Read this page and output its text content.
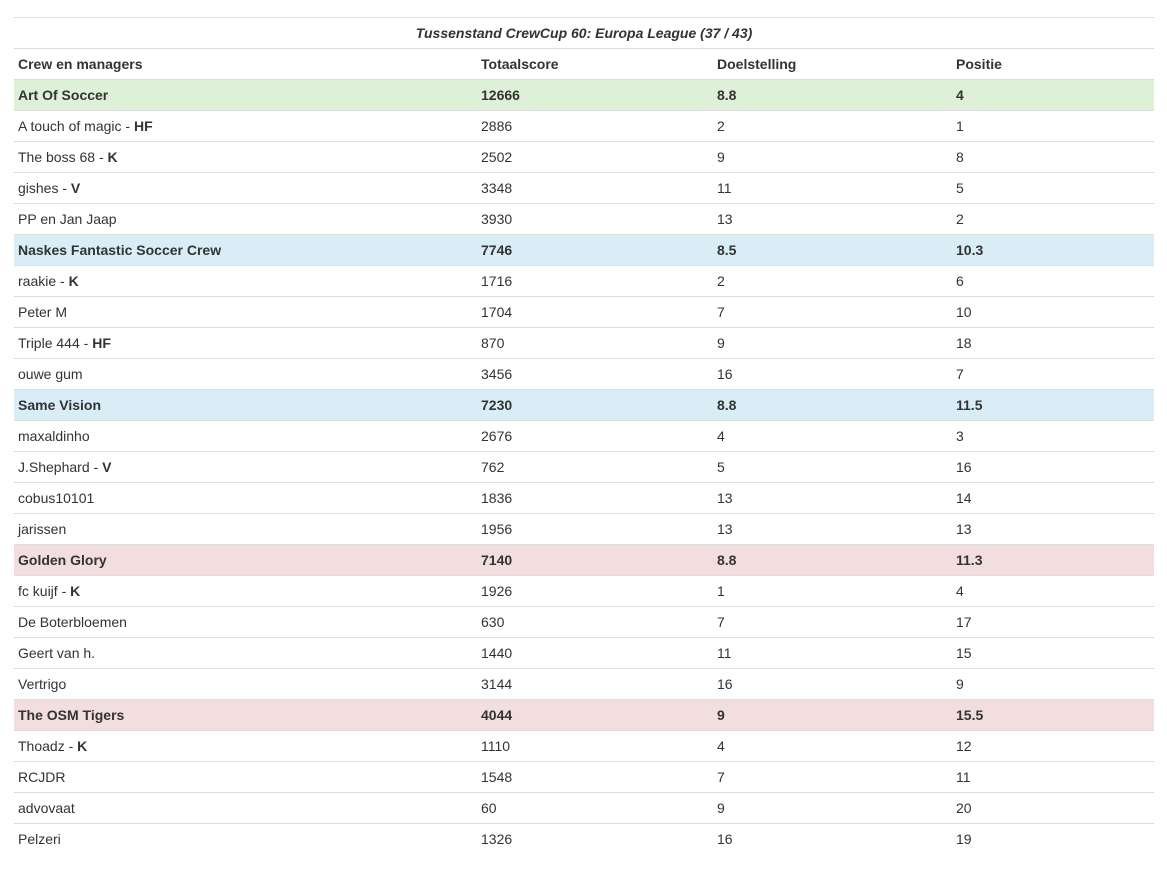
Tussenstand CrewCup 60: Europa League (37 / 43)
Crew en managers	Totaalscore	Doelstelling	Positie
Art Of Soccer	12666	8.8	4
A touch of magic - HF	2886	2	1
The boss 68 - K	2502	9	8
gishes - V	3348	11	5
PP en Jan Jaap	3930	13	2
Naskes Fantastic Soccer Crew	7746	8.5	10.3
raakie - K	1716	2	6
Peter M	1704	7	10
Triple 444 - HF	870	9	18
ouwe gum	3456	16	7
Same Vision	7230	8.8	11.5
maxaldinho	2676	4	3
J.Shephard - V	762	5	16
cobus10101	1836	13	14
jarissen	1956	13	13
Golden Glory	7140	8.8	11.3
fc kuijf - K	1926	1	4
De Boterbloemen	630	7	17
Geert van h.	1440	11	15
Vertrigo	3144	16	9
The OSM Tigers	4044	9	15.5
Thoadz - K	1110	4	12
RCJDR	1548	7	11
advovaat	60	9	20
Pelzeri	1326	16	19
